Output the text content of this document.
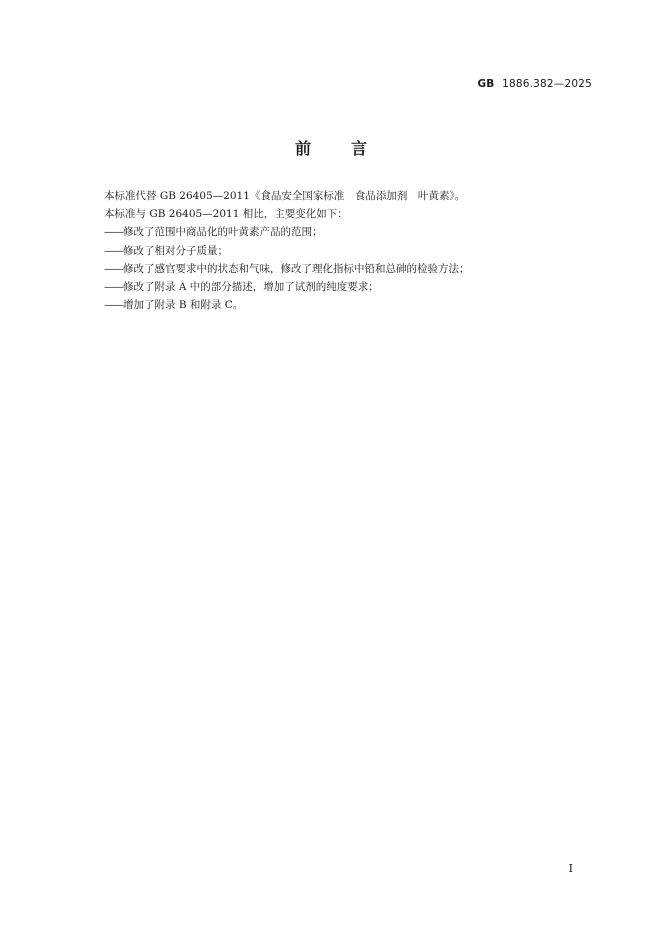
GB 1886.382—2025
前	言
本标准代替 GB 26405—2011《食品安全国家标准　食品添加剂　叶黄素》。
本标准与 GB 26405—2011 相比，主要变化如下：
——修改了范围中商品化的叶黄素产品的范围；
——修改了相对分子质量；
——修改了感官要求中的状态和气味，修改了理化指标中铅和总砷的检验方法；
——修改了附录 A 中的部分描述，增加了试剂的纯度要求；
——增加了附录 B 和附录 C。
I
